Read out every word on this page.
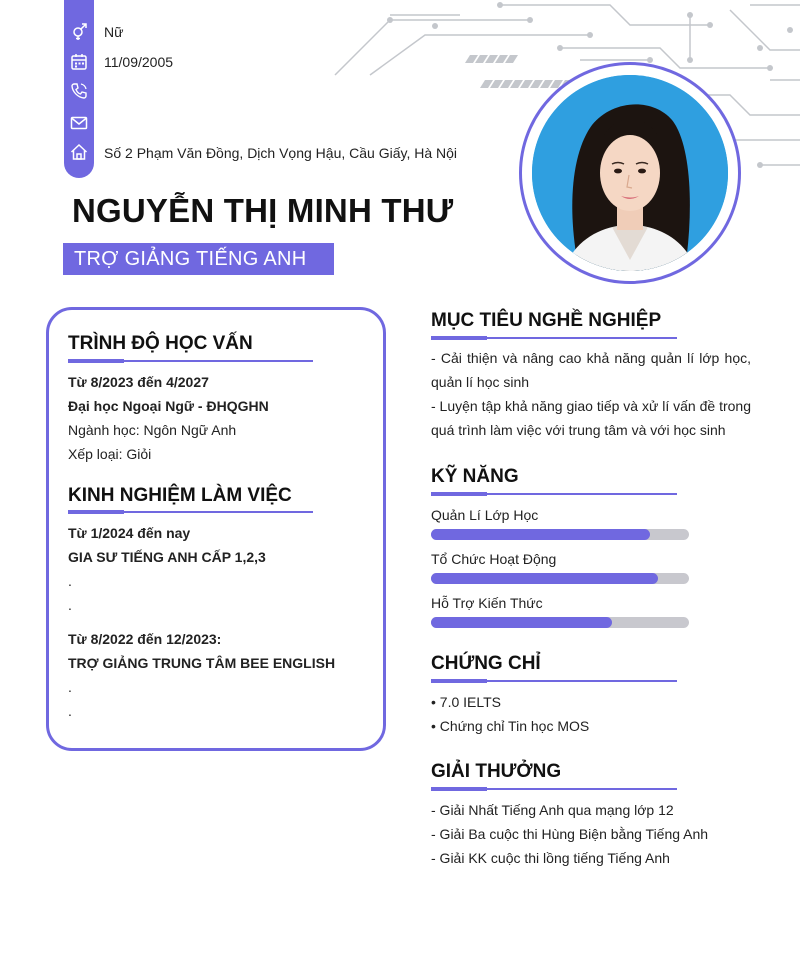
Nữ
11/09/2005
Số 2 Phạm Văn Đồng, Dịch Vọng Hậu, Cầu Giấy, Hà Nội
NGUYỄN THỊ MINH THƯ
TRỢ GIẢNG TIẾNG ANH
TRÌNH ĐỘ HỌC VẤN
Từ 8/2023 đến 4/2027
Đại học Ngoại Ngữ - ĐHQGHN
Ngành học: Ngôn Ngữ Anh
Xếp loại: Giỏi
KINH NGHIỆM LÀM VIỆC
Từ 1/2024 đến nay
GIA SƯ TIẾNG ANH CẤP 1,2,3
.
.
Từ 8/2022 đến 12/2023:
TRỢ GIẢNG TRUNG TÂM BEE ENGLISH
.
.
MỤC TIÊU NGHỀ NGHIỆP
- Cải thiện và nâng cao khả năng quản lí lớp học, quản lí học sinh
- Luyện tập khả năng giao tiếp và xử lí vấn đề trong quá trình làm việc với trung tâm và với học sinh
KỸ NĂNG
Quản Lí Lớp Học
Tổ Chức Hoạt Động
Hỗ Trợ Kiến Thức
CHỨNG CHỈ
• 7.0 IELTS
• Chứng chỉ Tin học MOS
GIẢI THƯỞNG
- Giải Nhất Tiếng Anh qua mạng lớp 12
- Giải Ba cuộc thi Hùng Biện bằng Tiếng Anh
- Giải KK cuộc thi lồng tiếng Tiếng Anh
